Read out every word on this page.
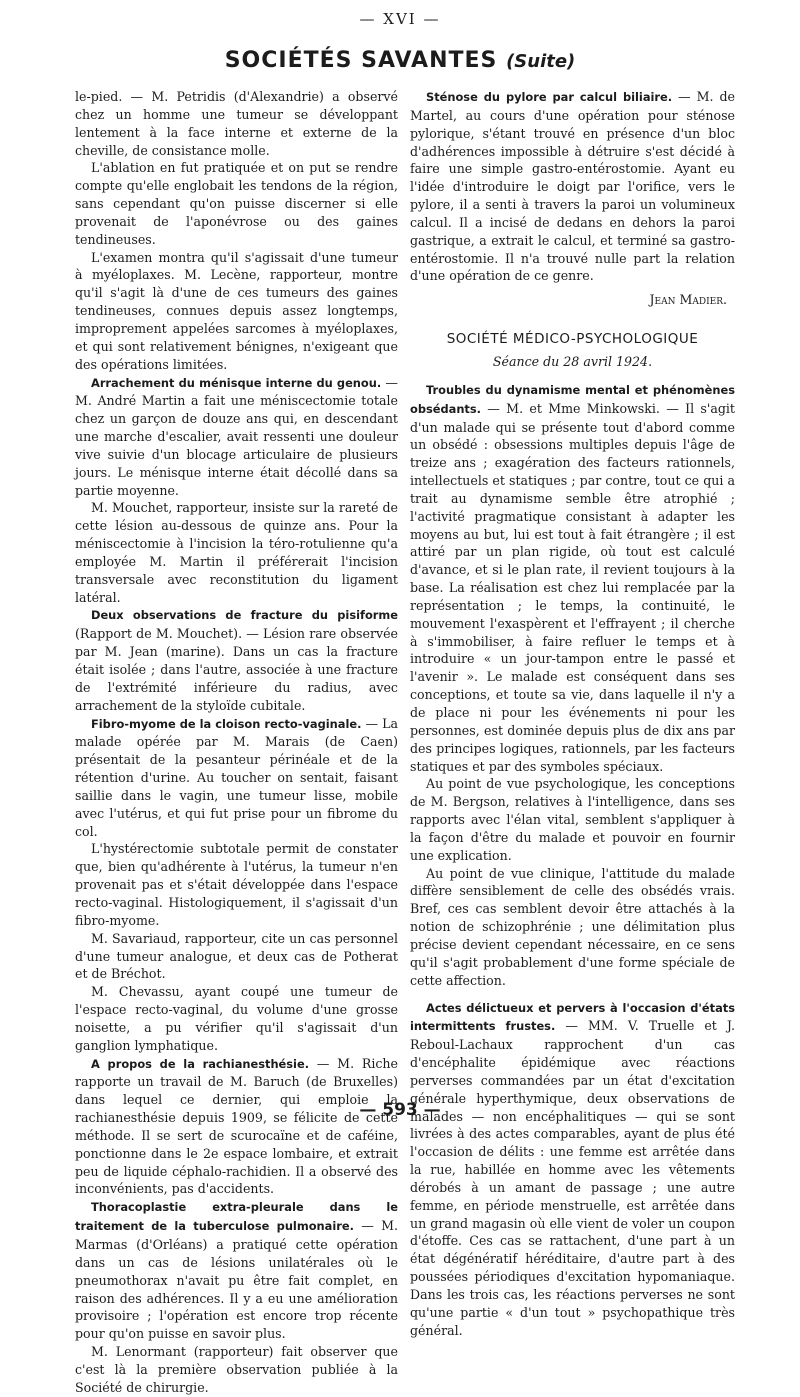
— XVI —
SOCIÉTÉS SAVANTES (Suite)

le-pied. — M. Petridis (d'Alexandrie) a observé chez un homme une tumeur se développant lentement à la face interne et externe de la cheville, de consistance molle.

L'ablation en fut pratiquée et on put se rendre compte qu'elle englobait les tendons de la région, sans cependant qu'on puisse discerner si elle provenait de l'aponévrose ou des gaines tendineuses.

L'examen montra qu'il s'agissait d'une tumeur à myéloplaxes. M. Lecène, rapporteur, montre qu'il s'agit là d'une de ces tumeurs des gaines tendineuses, connues depuis assez longtemps, improprement appelées sarcomes à myéloplaxes, et qui sont relativement bénignes, n'exigeant que des opérations limitées.

Arrachement du ménisque interne du genou. — M. André Martin a fait une méniscectomie totale chez un garçon de douze ans qui, en descendant une marche d'escalier, avait ressenti une douleur vive suivie d'un blocage articulaire de plusieurs jours. Le ménisque interne était décollé dans sa partie moyenne.

M. Mouchet, rapporteur, insiste sur la rareté de cette lésion au-dessous de quinze ans. Pour la méniscectomie à l'incision la téro-rotulienne qu'a employée M. Martin il préférerait l'incision transversale avec reconstitution du ligament latéral.

Deux observations de fracture du pisiforme (Rapport de M. Mouchet). — Lésion rare observée par M. Jean (marine). Dans un cas la fracture était isolée ; dans l'autre, associée à une fracture de l'extrémité inférieure du radius, avec arrachement de la styloïde cubitale.

Fibro-myome de la cloison recto-vaginale. — La malade opérée par M. Marais (de Caen) présentait de la pesanteur périnéale et de la rétention d'urine. Au toucher on sentait, faisant saillie dans le vagin, une tumeur lisse, mobile avec l'utérus, et qui fut prise pour un fibrome du col.

L'hystérectomie subtotale permit de constater que, bien qu'adhérente à l'utérus, la tumeur n'en provenait pas et s'était développée dans l'espace recto-vaginal. Histologiquement, il s'agissait d'un fibro-myome.

M. Savariaud, rapporteur, cite un cas personnel d'une tumeur analogue, et deux cas de Potherat et de Bréchot.

M. Chevassu, ayant coupé une tumeur de l'espace recto-vaginal, du volume d'une grosse noisette, a pu vérifier qu'il s'agissait d'un ganglion lymphatique.

A propos de la rachianesthésie. — M. Riche rapporte un travail de M. Baruch (de Bruxelles) dans lequel ce dernier, qui emploie la rachianesthésie depuis 1909, se félicite de cette méthode. Il se sert de scurocaïne et de caféine, ponctionne dans le 2e espace lombaire, et extrait peu de liquide céphalo-rachidien. Il a observé des inconvénients, pas d'accidents.

Thoracoplastie extra-pleurale dans le traitement de la tuberculose pulmonaire. — M. Marmas (d'Orléans) a pratiqué cette opération dans un cas de lésions unilatérales où le pneumothorax n'avait pu être fait complet, en raison des adhérences. Il y a eu une amélioration provisoire ; l'opération est encore trop récente pour qu'on puisse en savoir plus.

M. Lenormant (rapporteur) fait observer que c'est là la première observation publiée à la Société de chirurgie.

Sténose du pylore par calcul biliaire. — M. de Martel, au cours d'une opération pour sténose pylorique, s'étant trouvé en présence d'un bloc d'adhérences impossible à détruire s'est décidé à faire une simple gastro-entérostomie. Ayant eu l'idée d'introduire le doigt par l'orifice, vers le pylore, il a senti à travers la paroi un volumineux calcul. Il a incisé de dedans en dehors la paroi gastrique, a extrait le calcul, et terminé sa gastro-entérostomie. Il n'a trouvé nulle part la relation d'une opération de ce genre.

Jean Madier.
SOCIÉTÉ MÉDICO-PSYCHOLOGIQUE
Séance du 28 avril 1924.

Troubles du dynamisme mental et phénomènes obsédants. — M. et Mme Minkowski. — Il s'agit d'un malade qui se présente tout d'abord comme un obsédé : obsessions multiples depuis l'âge de treize ans ; exagération des facteurs rationnels, intellectuels et statiques ; par contre, tout ce qui a trait au dynamisme semble être atrophié ; l'activité pragmatique consistant à adapter les moyens au but, lui est tout à fait étrangère ; il est attiré par un plan rigide, où tout est calculé d'avance, et si le plan rate, il revient toujours à la base. La réalisation est chez lui remplacée par la représentation ; le temps, la continuité, le mouvement l'exaspèrent et l'effrayent ; il cherche à s'immobiliser, à faire refluer le temps et à introduire « un jour-tampon entre le passé et l'avenir ». Le malade est conséquent dans ses conceptions, et toute sa vie, dans laquelle il n'y a de place ni pour les événements ni pour les personnes, est dominée depuis plus de dix ans par des principes logiques, rationnels, par les facteurs statiques et par des symboles spéciaux.

Au point de vue psychologique, les conceptions de M. Bergson, relatives à l'intelligence, dans ses rapports avec l'élan vital, semblent s'appliquer à la façon d'être du malade et pouvoir en fournir une explication.

Au point de vue clinique, l'attitude du malade diffère sensiblement de celle des obsédés vrais. Bref, ces cas semblent devoir être attachés à la notion de schizophrénie ; une délimitation plus précise devient cependant nécessaire, en ce sens qu'il s'agit probablement d'une forme spéciale de cette affection.

Actes délictueux et pervers à l'occasion d'états intermittents frustes. — MM. V. Truelle et J. Reboul-Lachaux rapprochent d'un cas d'encéphalite épidémique avec réactions perverses commandées par un état d'excitation générale hyperthymique, deux observations de malades — non encéphalitiques — qui se sont livrées à des actes comparables, ayant de plus été l'occasion de délits : une femme est arrêtée dans la rue, habillée en homme avec les vêtements dérobés à un amant de passage ; une autre femme, en période menstruelle, est arrêtée dans un grand magasin où elle vient de voler un coupon d'étoffe. Ces cas se rattachent, d'une part à un état dégénératif héréditaire, d'autre part à des poussées périodiques d'excitation hypomaniaque. Dans les trois cas, les réactions perverses ne sont qu'une partie « d'un tout » psychopathique très général.

— 593 —
